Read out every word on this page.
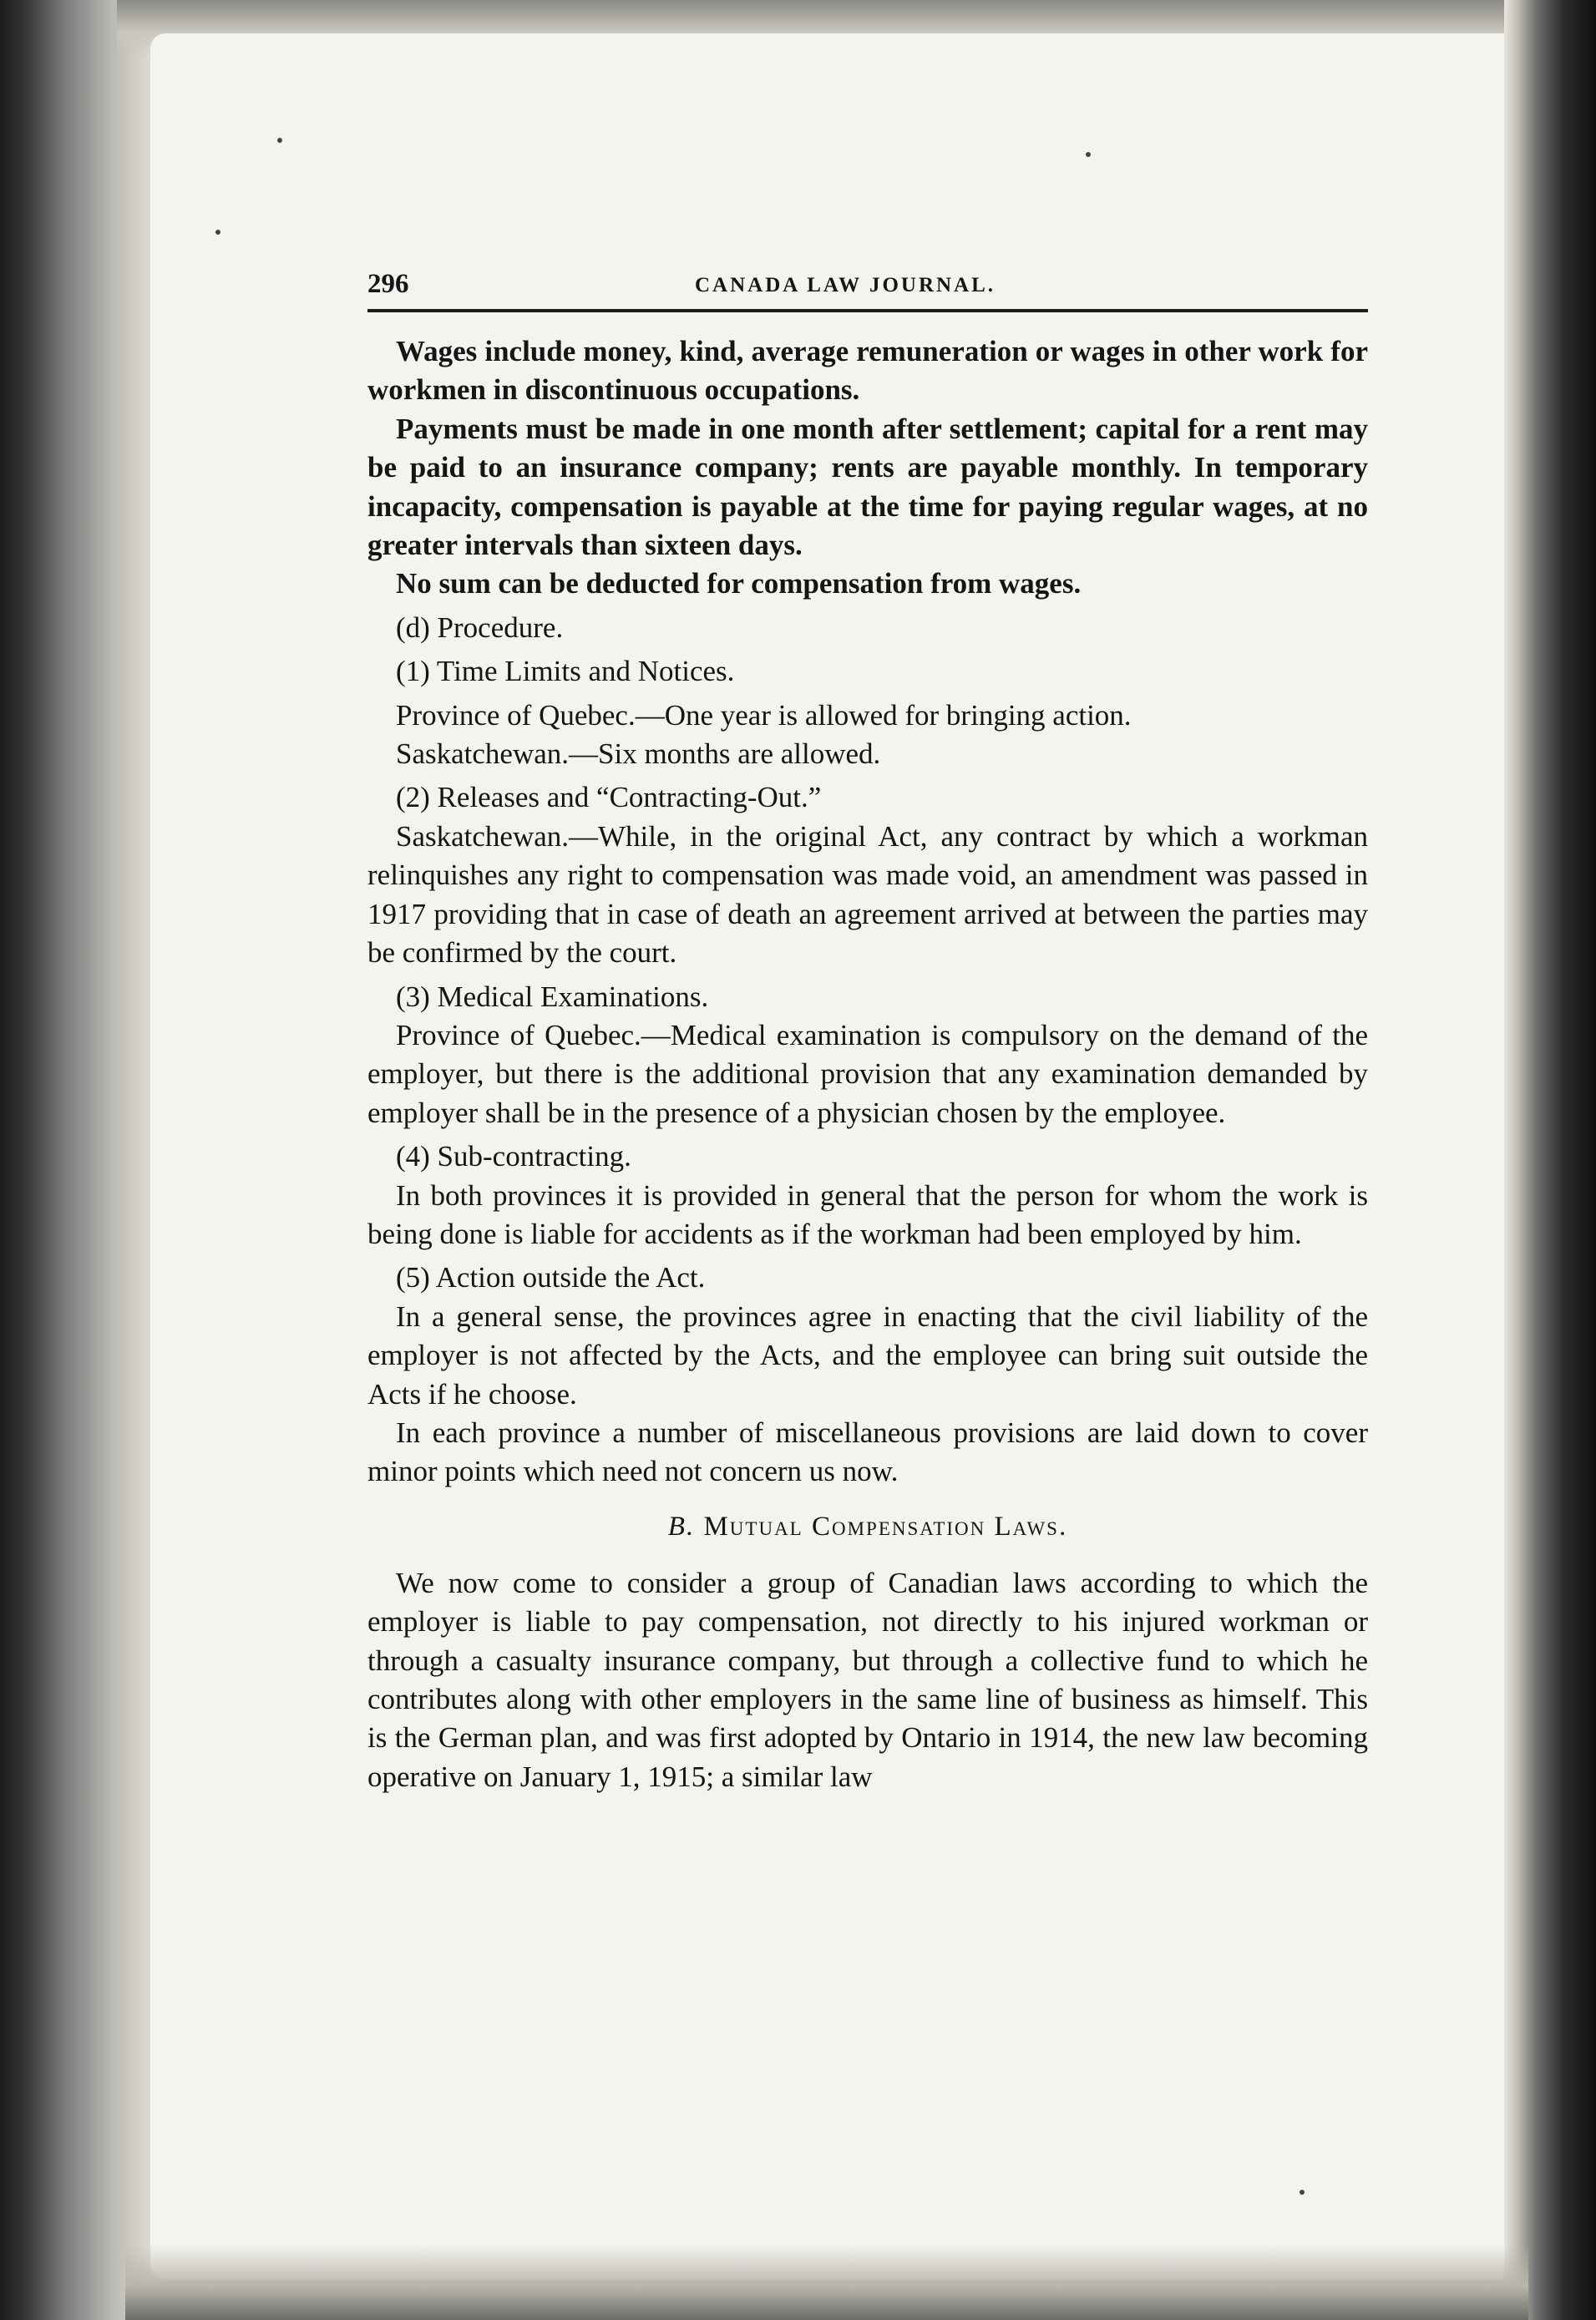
296	CANADA LAW JOURNAL.

Wages include money, kind, average remuneration or wages in other work for workmen in discontinuous occupations.

Payments must be made in one month after settlement; capital for a rent may be paid to an insurance company; rents are payable monthly. In temporary incapacity, compensation is payable at the time for paying regular wages, at no greater intervals than sixteen days.

No sum can be deducted for compensation from wages.

(d) Procedure.

(1) Time Limits and Notices.

Province of Quebec.—One year is allowed for bringing action.

Saskatchewan.—Six months are allowed.

(2) Releases and “Contracting-Out.”

Saskatchewan.—While, in the original Act, any contract by which a workman relinquishes any right to compensation was made void, an amendment was passed in 1917 providing that in case of death an agreement arrived at between the parties may be confirmed by the court.

(3) Medical Examinations.

Province of Quebec.—Medical examination is compulsory on the demand of the employer, but there is the additional provision that any examination demanded by employer shall be in the presence of a physician chosen by the employee.

(4) Sub-contracting.

In both provinces it is provided in general that the person for whom the work is being done is liable for accidents as if the workman had been employed by him.

(5) Action outside the Act.

In a general sense, the provinces agree in enacting that the civil liability of the employer is not affected by the Acts, and the employee can bring suit outside the Acts if he choose.

In each province a number of miscellaneous provisions are laid down to cover minor points which need not concern us now.

B. Mutual Compensation Laws.

We now come to consider a group of Canadian laws according to which the employer is liable to pay compensation, not directly to his injured workman or through a casualty insurance company, but through a collective fund to which he contributes along with other employers in the same line of business as himself. This is the German plan, and was first adopted by Ontario in 1914, the new law becoming operative on January 1, 1915; a similar law
